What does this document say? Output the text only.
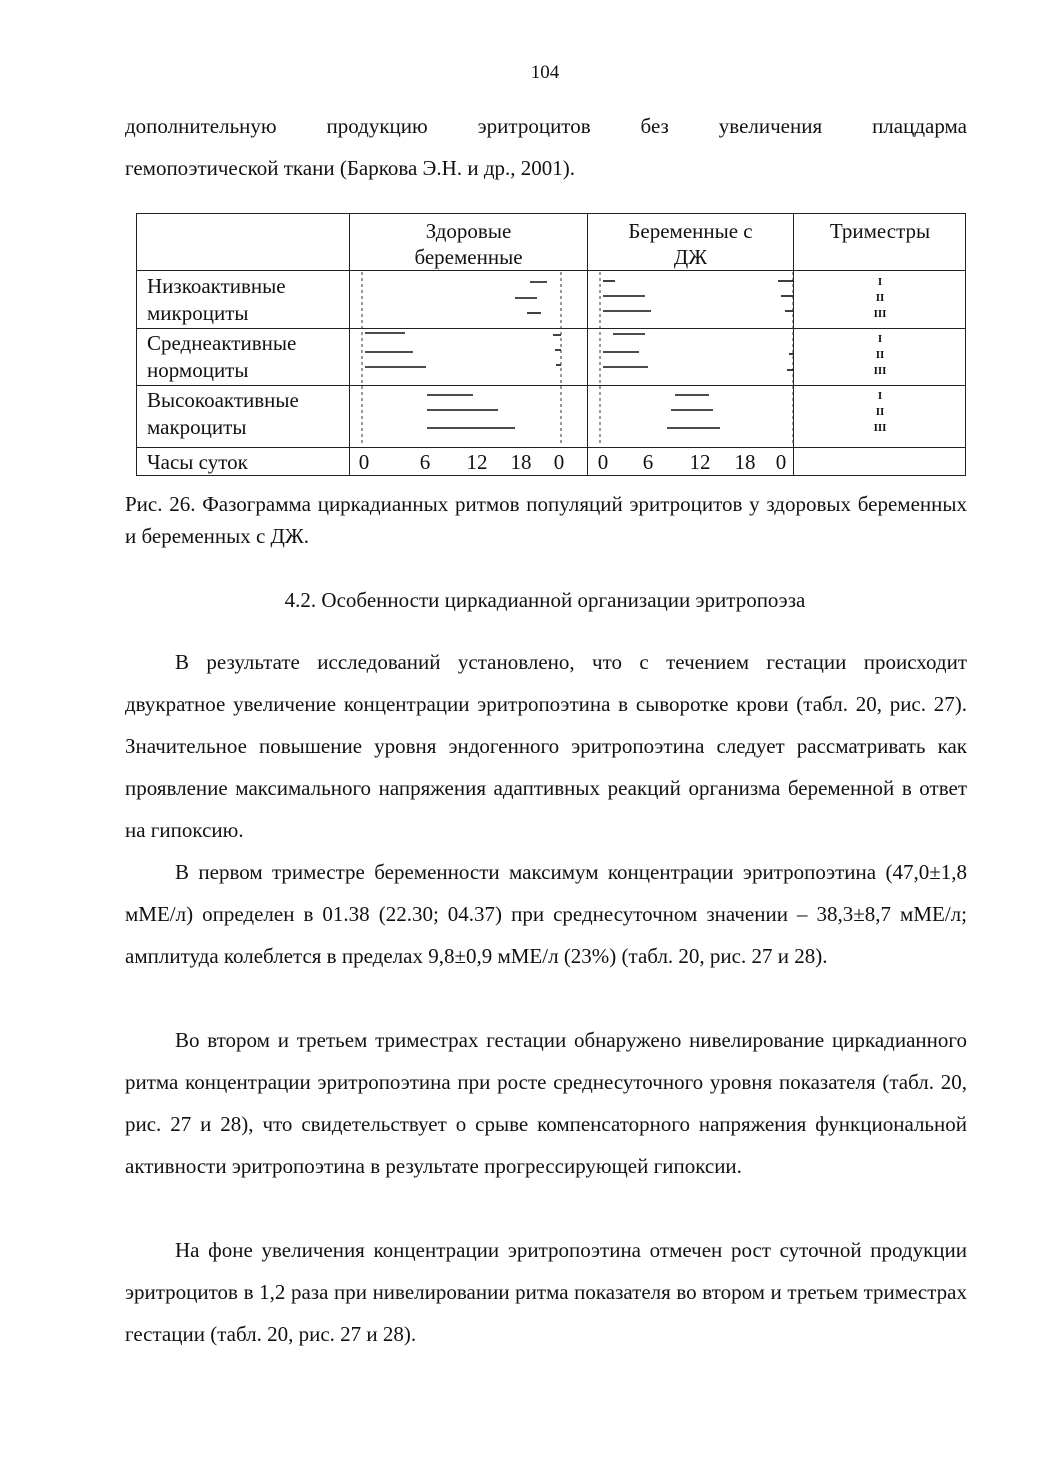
104

дополнительную продукцию эритроцитов без увеличения плацдарма
гемопоэтической ткани (Баркова Э.Н. и др., 2001).

Здоровые
беременные
Беременные с
ДЖ
Триместры
Низкоактивные
микроциты
Среднеактивные
нормоциты
Высокоактивные
макроциты
I
II
III
I
II
III
I
II
III
Часы суток	0 6 12 18 0 0 6 12 18 0

Рис. 26. Фазограмма циркадианных ритмов популяций эритроцитов у здоровых беременных и беременных с ДЖ.

4.2. Особенности циркадианной организации эритропоэза

В результате исследований установлено, что с течением гестации происходит двукратное увеличение концентрации эритропоэтина в сыворотке крови (табл. 20, рис. 27). Значительное повышение уровня эндогенного эритропоэтина следует рассматривать как проявление максимального напряжения адаптивных реакций организма беременной в ответ на гипоксию.

В первом триместре беременности максимум концентрации эритропоэтина (47,0±1,8 мМЕ/л) определен в 01.38 (22.30; 04.37) при среднесуточном значении – 38,3±8,7 мМЕ/л; амплитуда колеблется в пределах 9,8±0,9 мМЕ/л (23%) (табл. 20, рис. 27 и 28).

Во втором и третьем триместрах гестации обнаружено нивелирование циркадианного ритма концентрации эритропоэтина при росте среднесуточного уровня показателя (табл. 20, рис. 27 и 28), что свидетельствует о срыве компенсаторного напряжения функциональной активности эритропоэтина в результате прогрессирующей гипоксии.

На фоне увеличения концентрации эритропоэтина отмечен рост суточной продукции эритроцитов в 1,2 раза при нивелировании ритма показателя во втором и третьем триместрах гестации (табл. 20, рис. 27 и 28).
